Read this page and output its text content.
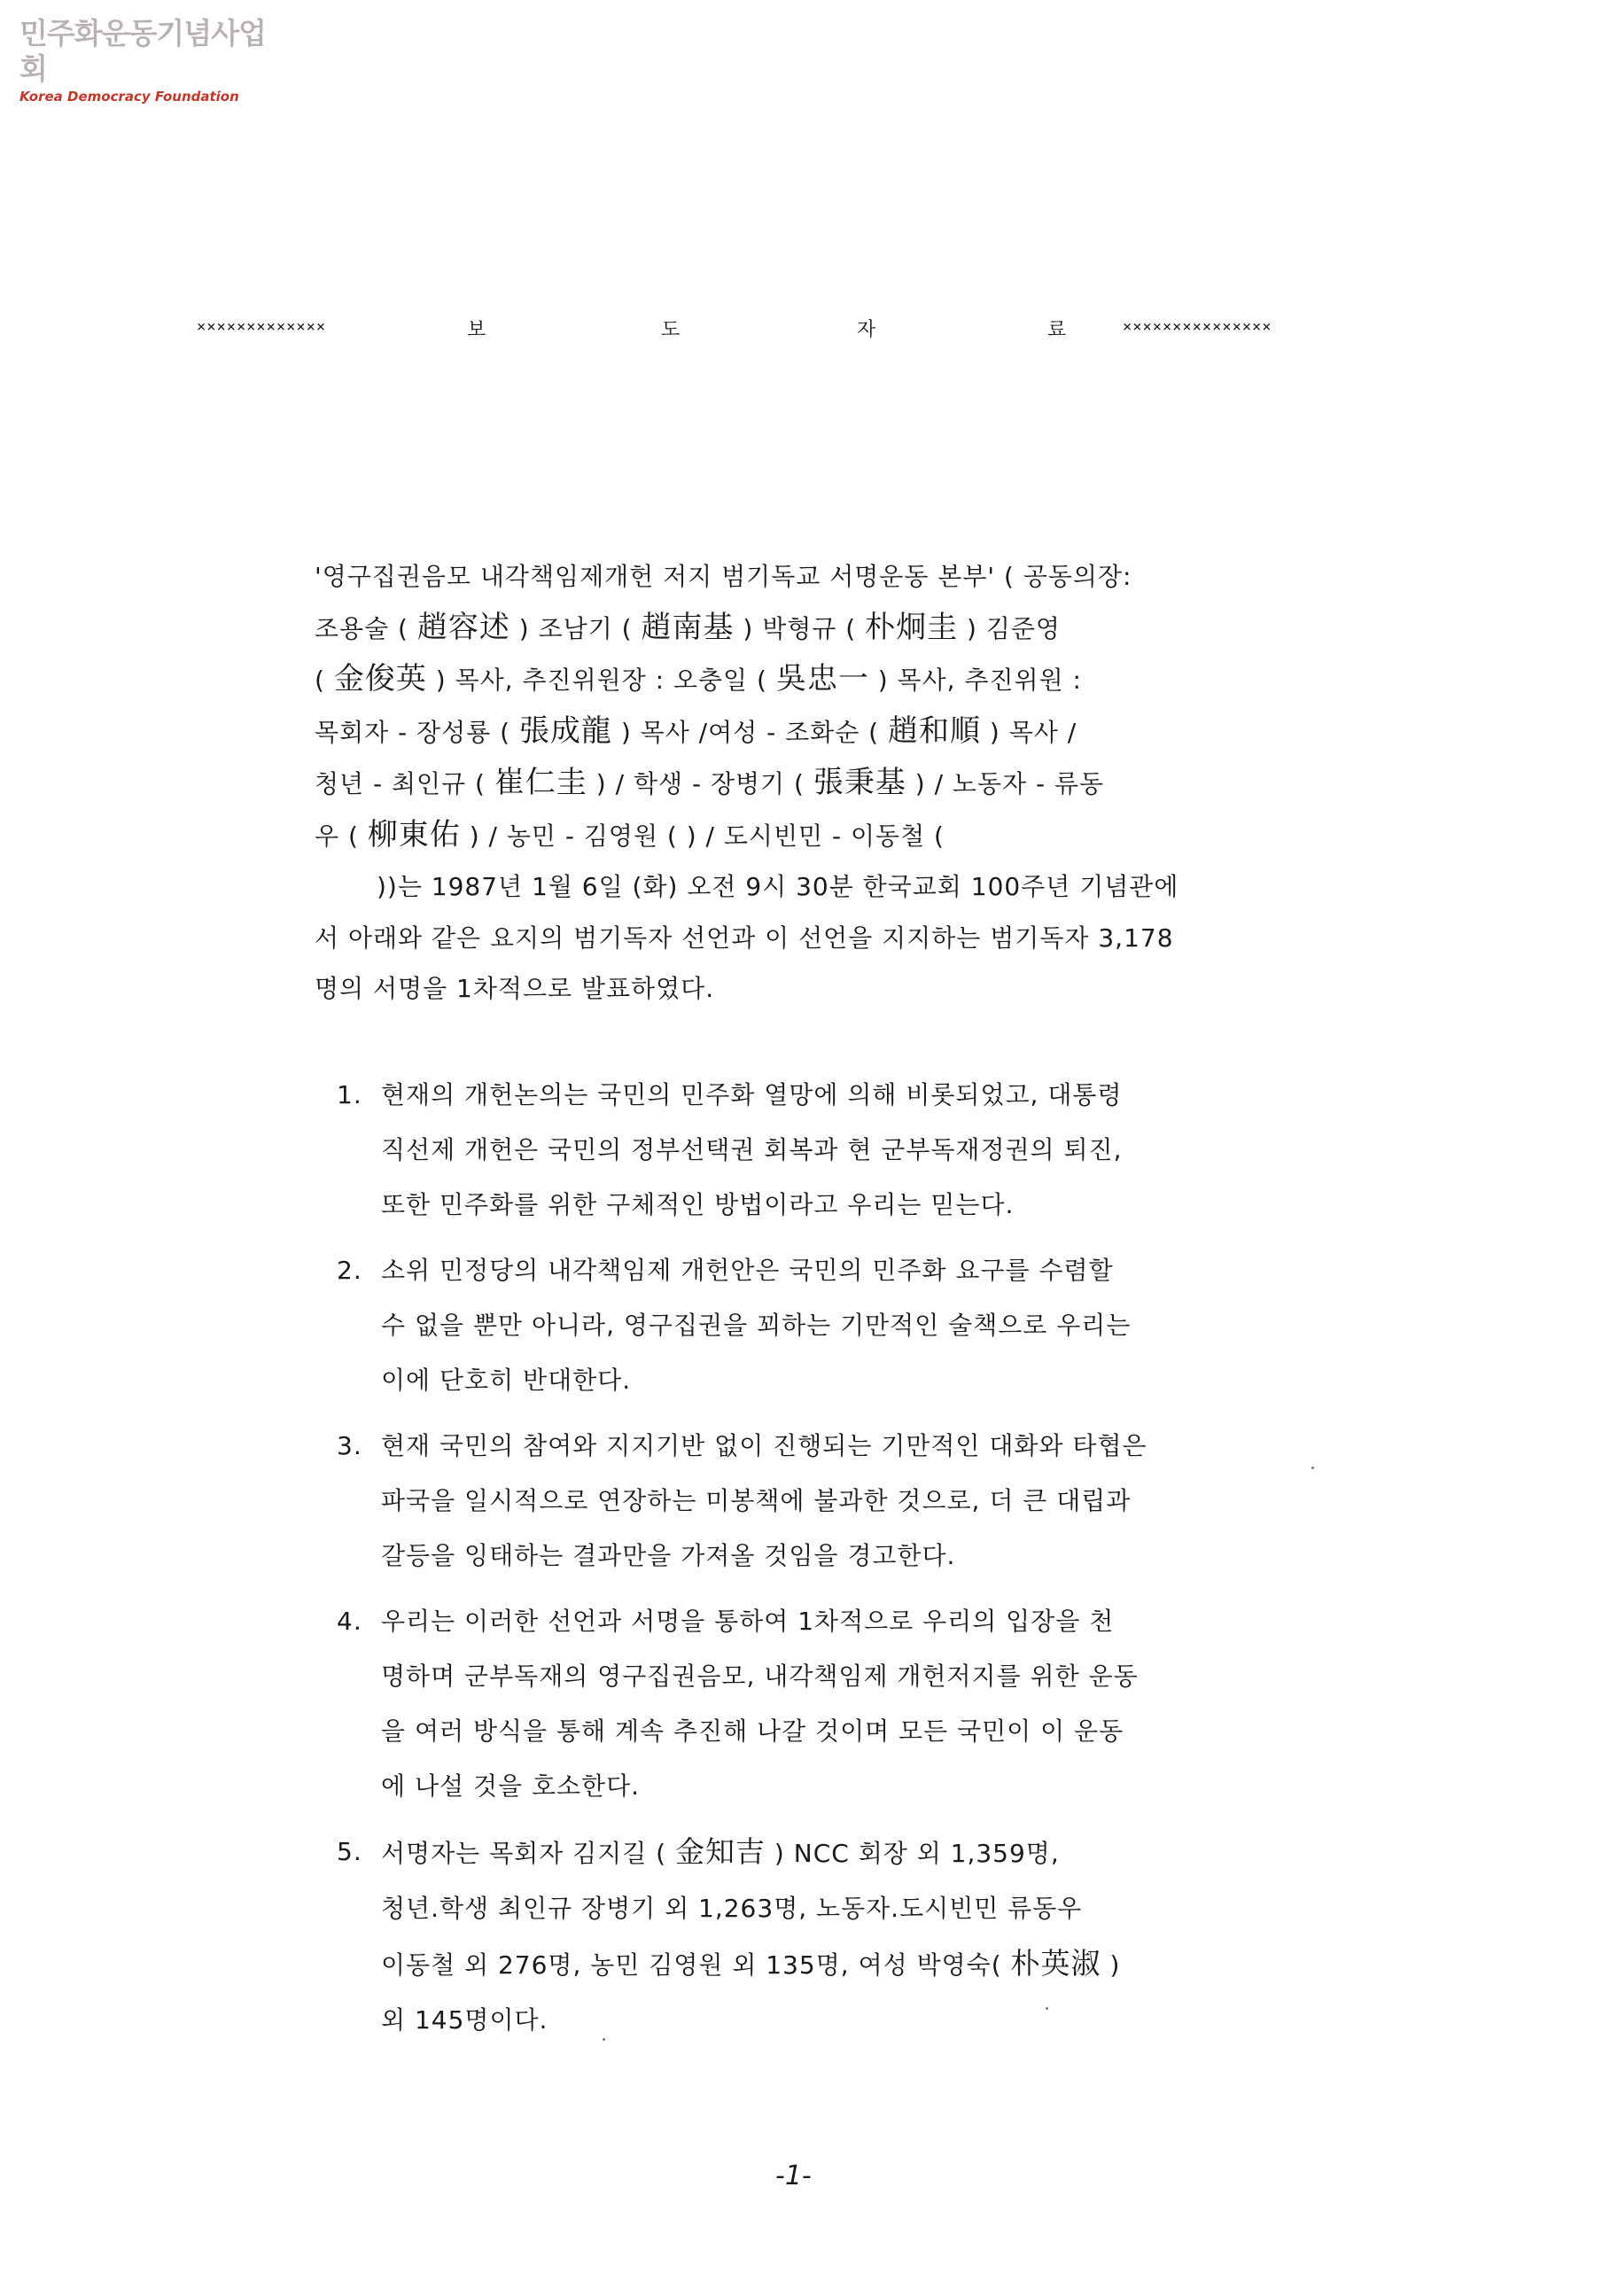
민주화운동기념사업회
Korea Democracy Foundation
×××××××××××××	보	도	자	료	×××××××××××××××

'영구집권음모 내각책임제개헌 저지 범기독교 서명운동 본부' ( 공동의장:

조용술 ( 趙容述 ) 조남기 ( 趙南基 ) 박형규 ( 朴炯圭 ) 김준영

( 金俊英 ) 목사, 추진위원장 : 오충일 ( 吳忠一 ) 목사, 추진위원 :

목회자 - 장성룡 ( 張成龍 ) 목사 /여성 - 조화순 ( 趙和順 ) 목사 /

청년 - 최인규 ( 崔仁圭 ) / 학생 - 장병기 ( 張秉基 ) / 노동자 - 류동

우 ( 柳東佑 ) / 농민 - 김영원 ( ) / 도시빈민 - 이동철 (

))는 1987년 1월 6일 (화) 오전 9시 30분 한국교회 100주년 기념관에

서 아래와 같은 요지의 범기독자 선언과 이 선언을 지지하는 범기독자 3,178

명의 서명을 1차적으로 발표하였다.

1. 현재의 개헌논의는 국민의 민주화 열망에 의해 비롯되었고, 대통령

직선제 개헌은 국민의 정부선택권 회복과 현 군부독재정권의 퇴진,

또한 민주화를 위한 구체적인 방법이라고 우리는 믿는다.

2. 소위 민정당의 내각책임제 개헌안은 국민의 민주화 요구를 수렴할

수 없을 뿐만 아니라, 영구집권을 꾀하는 기만적인 술책으로 우리는

이에 단호히 반대한다.

3. 현재 국민의 참여와 지지기반 없이 진행되는 기만적인 대화와 타협은

파국을 일시적으로 연장하는 미봉책에 불과한 것으로, 더 큰 대립과

갈등을 잉태하는 결과만을 가져올 것임을 경고한다.

4. 우리는 이러한 선언과 서명을 통하여 1차적으로 우리의 입장을 천

명하며 군부독재의 영구집권음모, 내각책임제 개헌저지를 위한 운동

을 여러 방식을 통해 계속 추진해 나갈 것이며 모든 국민이 이 운동

에 나설 것을 호소한다.

5. 서명자는 목회자 김지길 ( 金知吉 ) NCC 회장 외 1,359명,

청년.학생 최인규 장병기 외 1,263명, 노동자.도시빈민 류동우

이동철 외 276명, 농민 김영원 외 135명, 여성 박영숙( 朴英淑 )

외 145명이다.

-1-
